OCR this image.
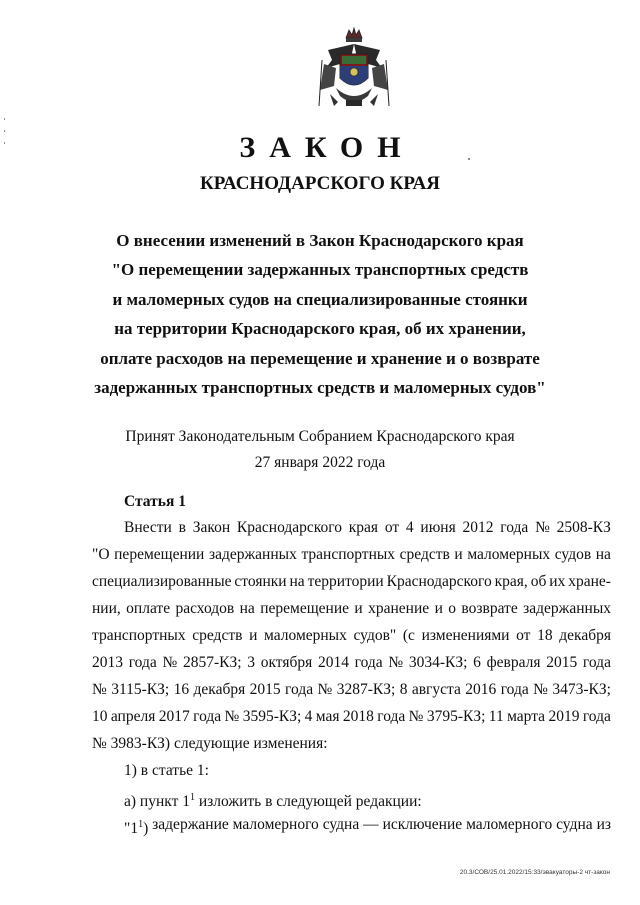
ЗАКОН
КРАСНОДАРСКОГО КРАЯ
О внесении изменений в Закон Краснодарского края
"О перемещении задержанных транспортных средств
и маломерных судов на специализированные стоянки
на территории Краснодарского края, об их хранении,
оплате расходов на перемещение и хранение и о возврате
задержанных транспортных средств и маломерных судов"
Принят Законодательным Собранием Краснодарского края
27 января 2022 года
Статья 1
Внести в Закон Краснодарского края от 4 июня 2012 года № 2508-КЗ
"О перемещении задержанных транспортных средств и маломерных судов на
специализированные стоянки на территории Краснодарского края, об их хране-
нии, оплате расходов на перемещение и хранение и о возврате задержанных
транспортных средств и маломерных судов" (с изменениями от 18 декабря
2013 года № 2857-КЗ; 3 октября 2014 года № 3034-КЗ; 6 февраля 2015 года
№ 3115-КЗ; 16 декабря 2015 года № 3287-КЗ; 8 августа 2016 года № 3473-КЗ;
10 апреля 2017 года № 3595-КЗ; 4 мая 2018 года № 3795-КЗ; 11 марта 2019 года
№ 3983-КЗ) следующие изменения:
1) в статье 1:
а) пункт $1^1$ изложить в следующей редакции:
"$1^1$) задержание маломерного судна — исключение маломерного судна из
20.3/СОВ/25.01.2022/15:33/эвакуаторы-2 чт-закон
